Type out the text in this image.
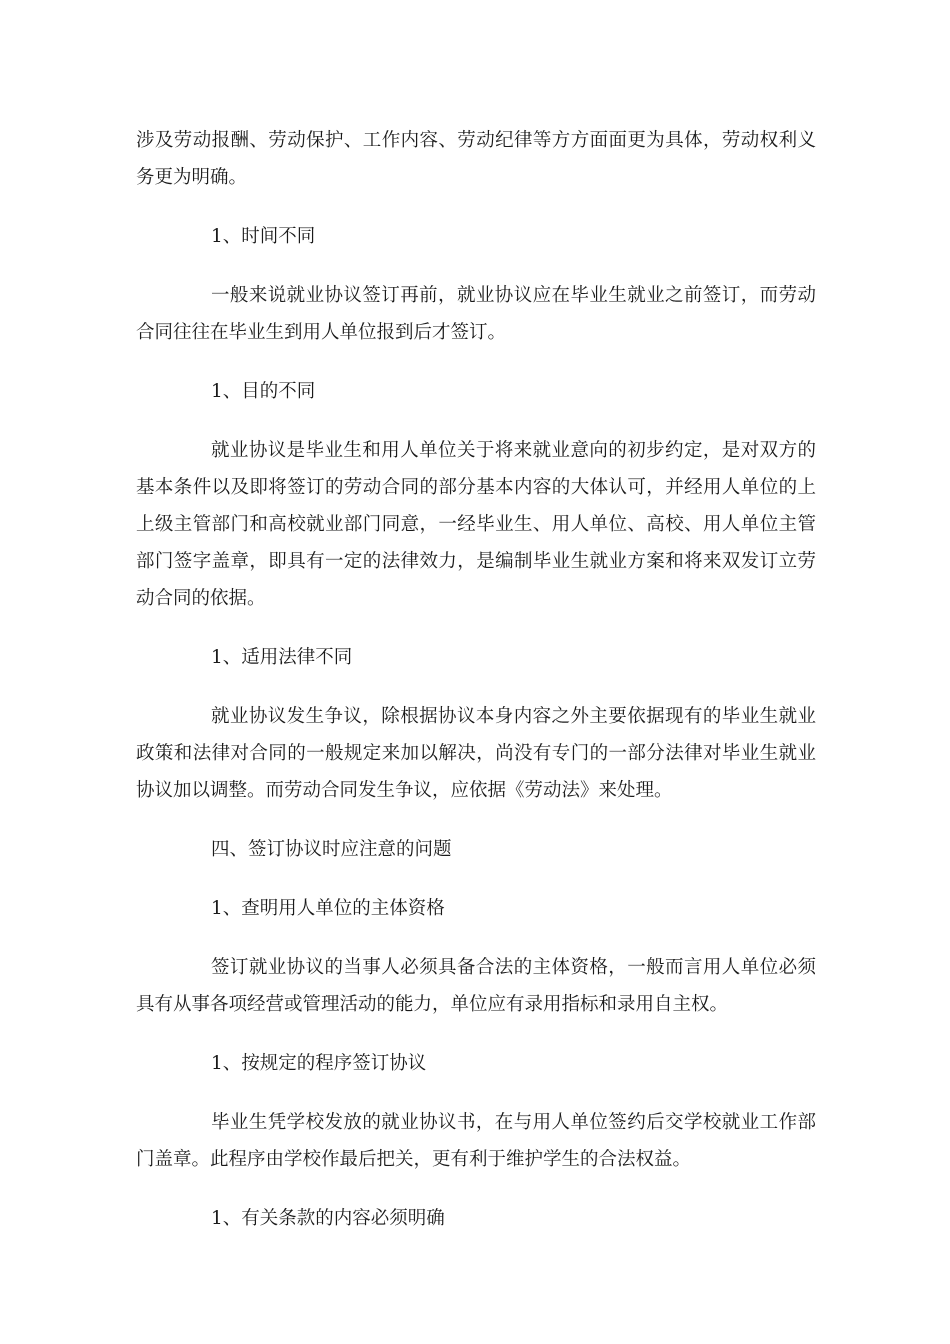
涉及劳动报酬、劳动保护、工作内容、劳动纪律等方方面面更为具体，劳动权利义务更为明确。

1、时间不同

一般来说就业协议签订再前，就业协议应在毕业生就业之前签订，而劳动合同往往在毕业生到用人单位报到后才签订。

1、目的不同

就业协议是毕业生和用人单位关于将来就业意向的初步约定，是对双方的基本条件以及即将签订的劳动合同的部分基本内容的大体认可，并经用人单位的上上级主管部门和高校就业部门同意，一经毕业生、用人单位、高校、用人单位主管部门签字盖章，即具有一定的法律效力，是编制毕业生就业方案和将来双发订立劳动合同的依据。

1、适用法律不同

就业协议发生争议，除根据协议本身内容之外主要依据现有的毕业生就业政策和法律对合同的一般规定来加以解决，尚没有专门的一部分法律对毕业生就业协议加以调整。而劳动合同发生争议，应依据《劳动法》来处理。

四、签订协议时应注意的问题

1、查明用人单位的主体资格

签订就业协议的当事人必须具备合法的主体资格，一般而言用人单位必须具有从事各项经营或管理活动的能力，单位应有录用指标和录用自主权。

1、按规定的程序签订协议

毕业生凭学校发放的就业协议书，在与用人单位签约后交学校就业工作部门盖章。此程序由学校作最后把关，更有利于维护学生的合法权益。

1、有关条款的内容必须明确
